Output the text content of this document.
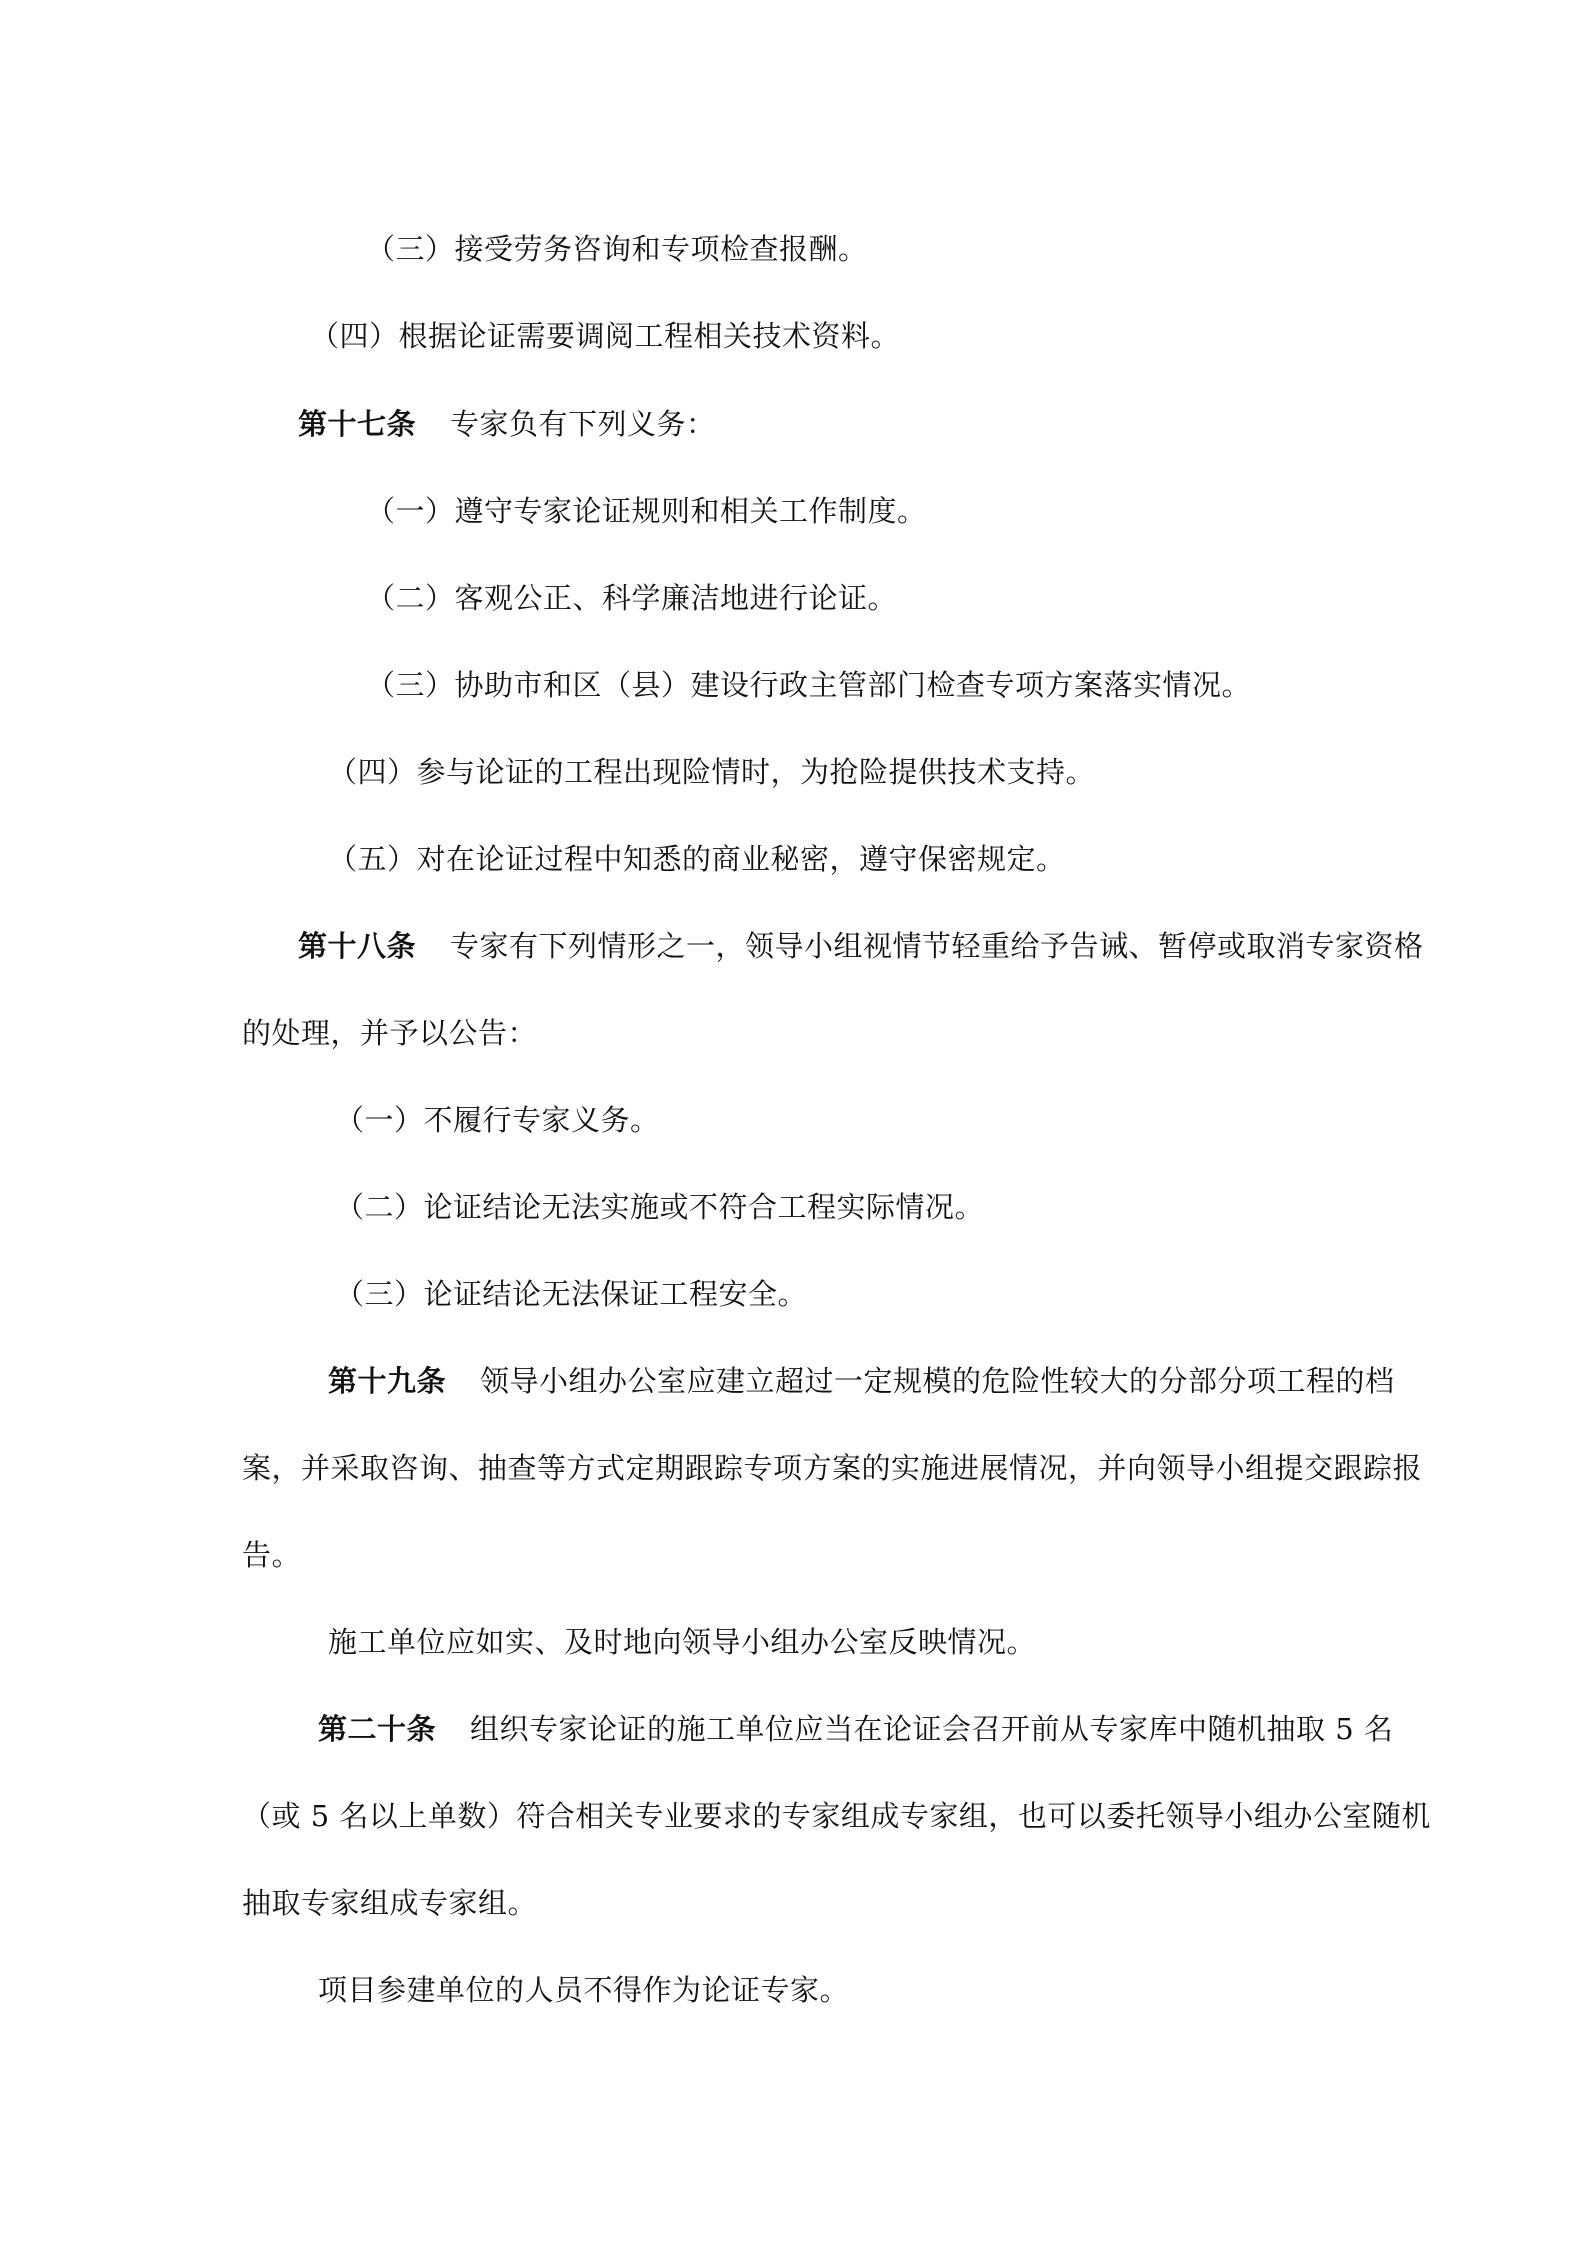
（三）接受劳务咨询和专项检查报酬。
（四）根据论证需要调阅工程相关技术资料。
第十七条 专家负有下列义务：
（一）遵守专家论证规则和相关工作制度。
（二）客观公正、科学廉洁地进行论证。
（三）协助市和区（县）建设行政主管部门检查专项方案落实情况。
（四）参与论证的工程出现险情时，为抢险提供技术支持。
（五）对在论证过程中知悉的商业秘密，遵守保密规定。
第十八条 专家有下列情形之一，领导小组视情节轻重给予告诫、暂停或取消专家资格
的处理，并予以公告：
（一）不履行专家义务。
（二）论证结论无法实施或不符合工程实际情况。
（三）论证结论无法保证工程安全。
第十九条 领导小组办公室应建立超过一定规模的危险性较大的分部分项工程的档
案，并采取咨询、抽查等方式定期跟踪专项方案的实施进展情况，并向领导小组提交跟踪报
告。
施工单位应如实、及时地向领导小组办公室反映情况。
第二十条 组织专家论证的施工单位应当在论证会召开前从专家库中随机抽取 5 名
（或 5 名以上单数）符合相关专业要求的专家组成专家组，也可以委托领导小组办公室随机
抽取专家组成专家组。
项目参建单位的人员不得作为论证专家。
